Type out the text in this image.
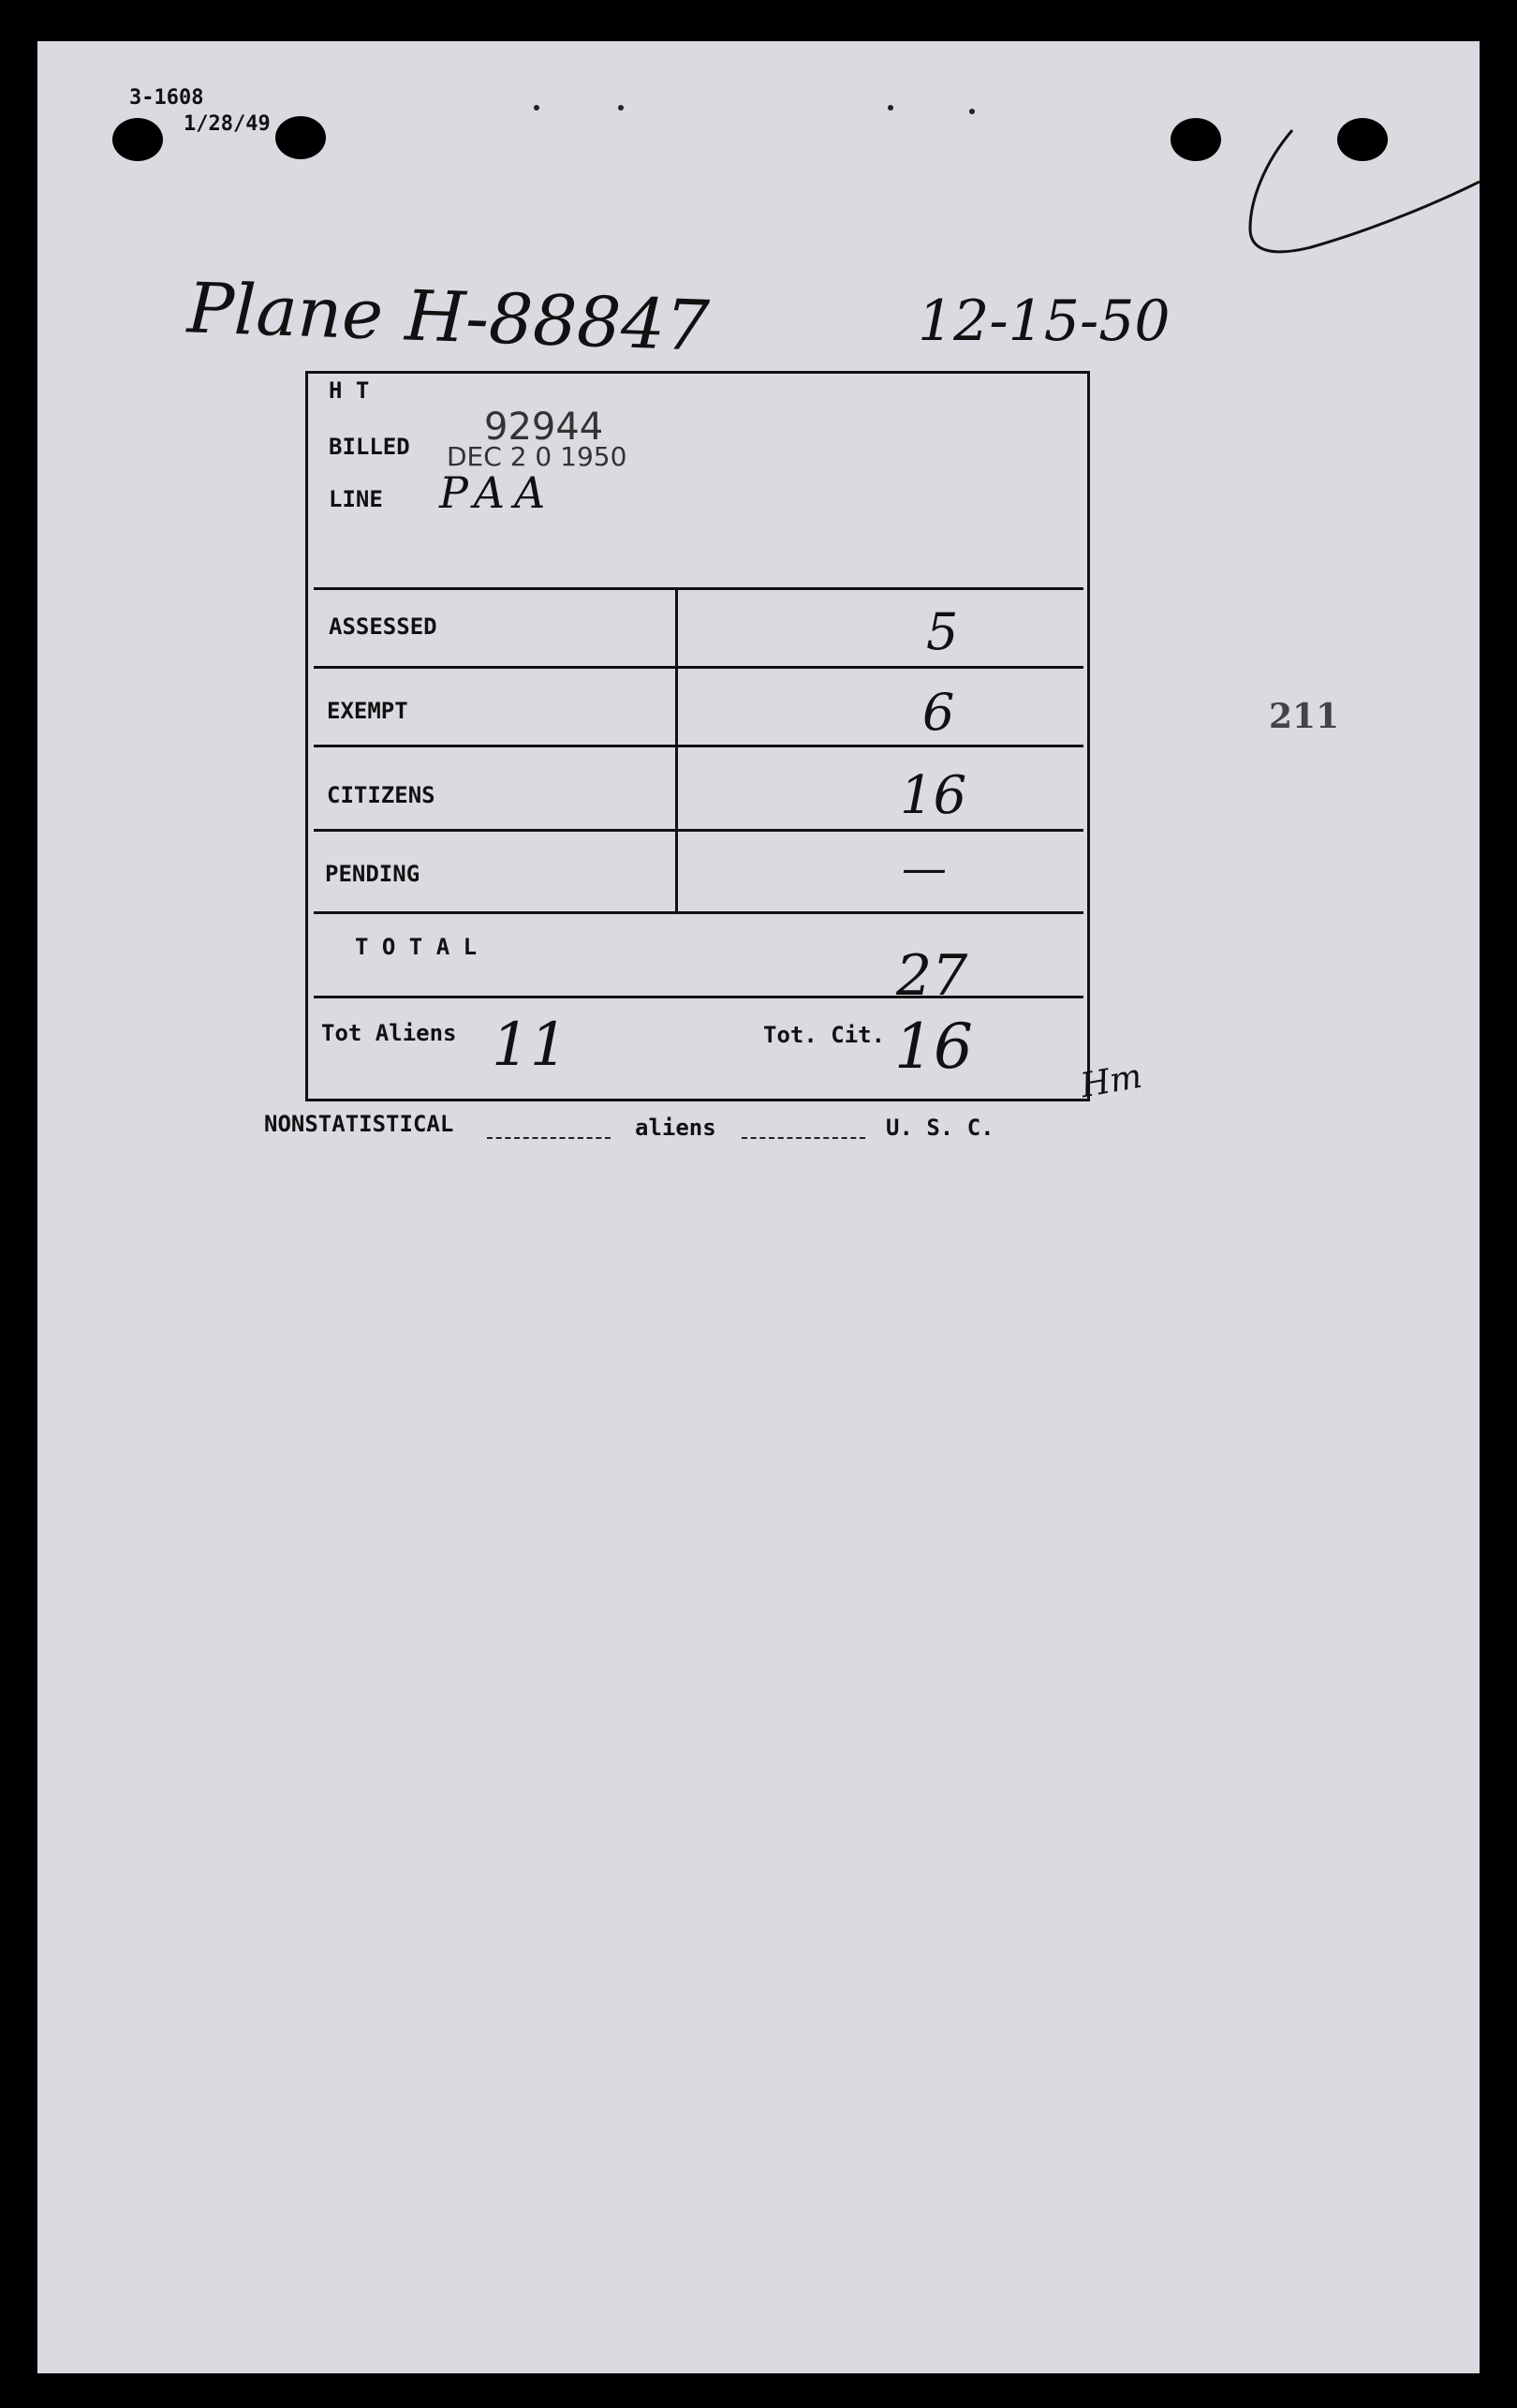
3-1608
1/28/49
Plane H-88847	12-15-50
H T
BILLED 92944
DEC 2 0 1950
LINE PAA
ASSESSED	5
EXEMPT	6
CITIZENS	16
PENDING	—
T O T A L	27
Tot Aliens 11	Tot. Cit. 16	Hm
NONSTATISTICAL	aliens	U. S. C.
211
